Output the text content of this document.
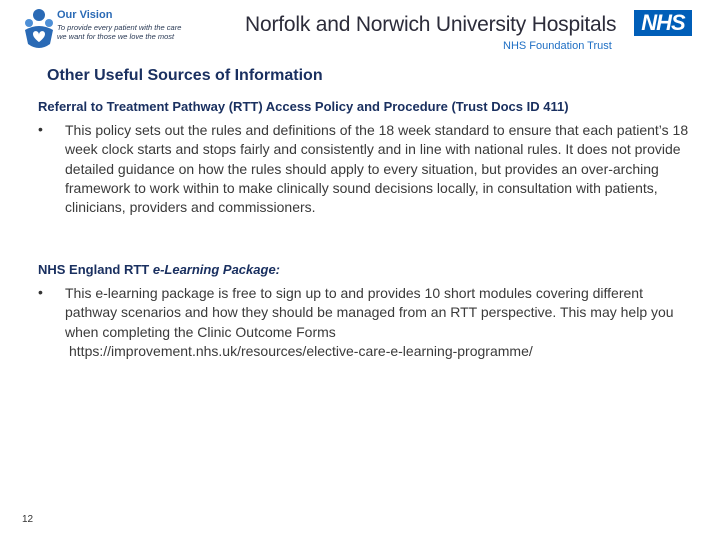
Our Vision
To provide every patient with the care we want for those we love the most
Norfolk and Norwich University Hospitals
NHS Foundation Trust
NHS
Other Useful Sources of Information
Referral to Treatment Pathway (RTT) Access Policy and Procedure (Trust Docs ID 411)
• This policy sets out the rules and definitions of the 18 week standard to ensure that each patient’s 18 week clock starts and stops fairly and consistently and in line with national rules. It does not provide detailed guidance on how the rules should apply to every situation, but provides an over-arching framework to work within to make clinically sound decisions locally, in consultation with patients, clinicians, providers and commissioners.
NHS England RTT e-Learning Package:
• This e-learning package is free to sign up to and provides 10 short modules covering different pathway scenarios and how they should be managed from an RTT perspective. This may help you when completing the Clinic Outcome Forms
https://improvement.nhs.uk/resources/elective-care-e-learning-programme/
12
